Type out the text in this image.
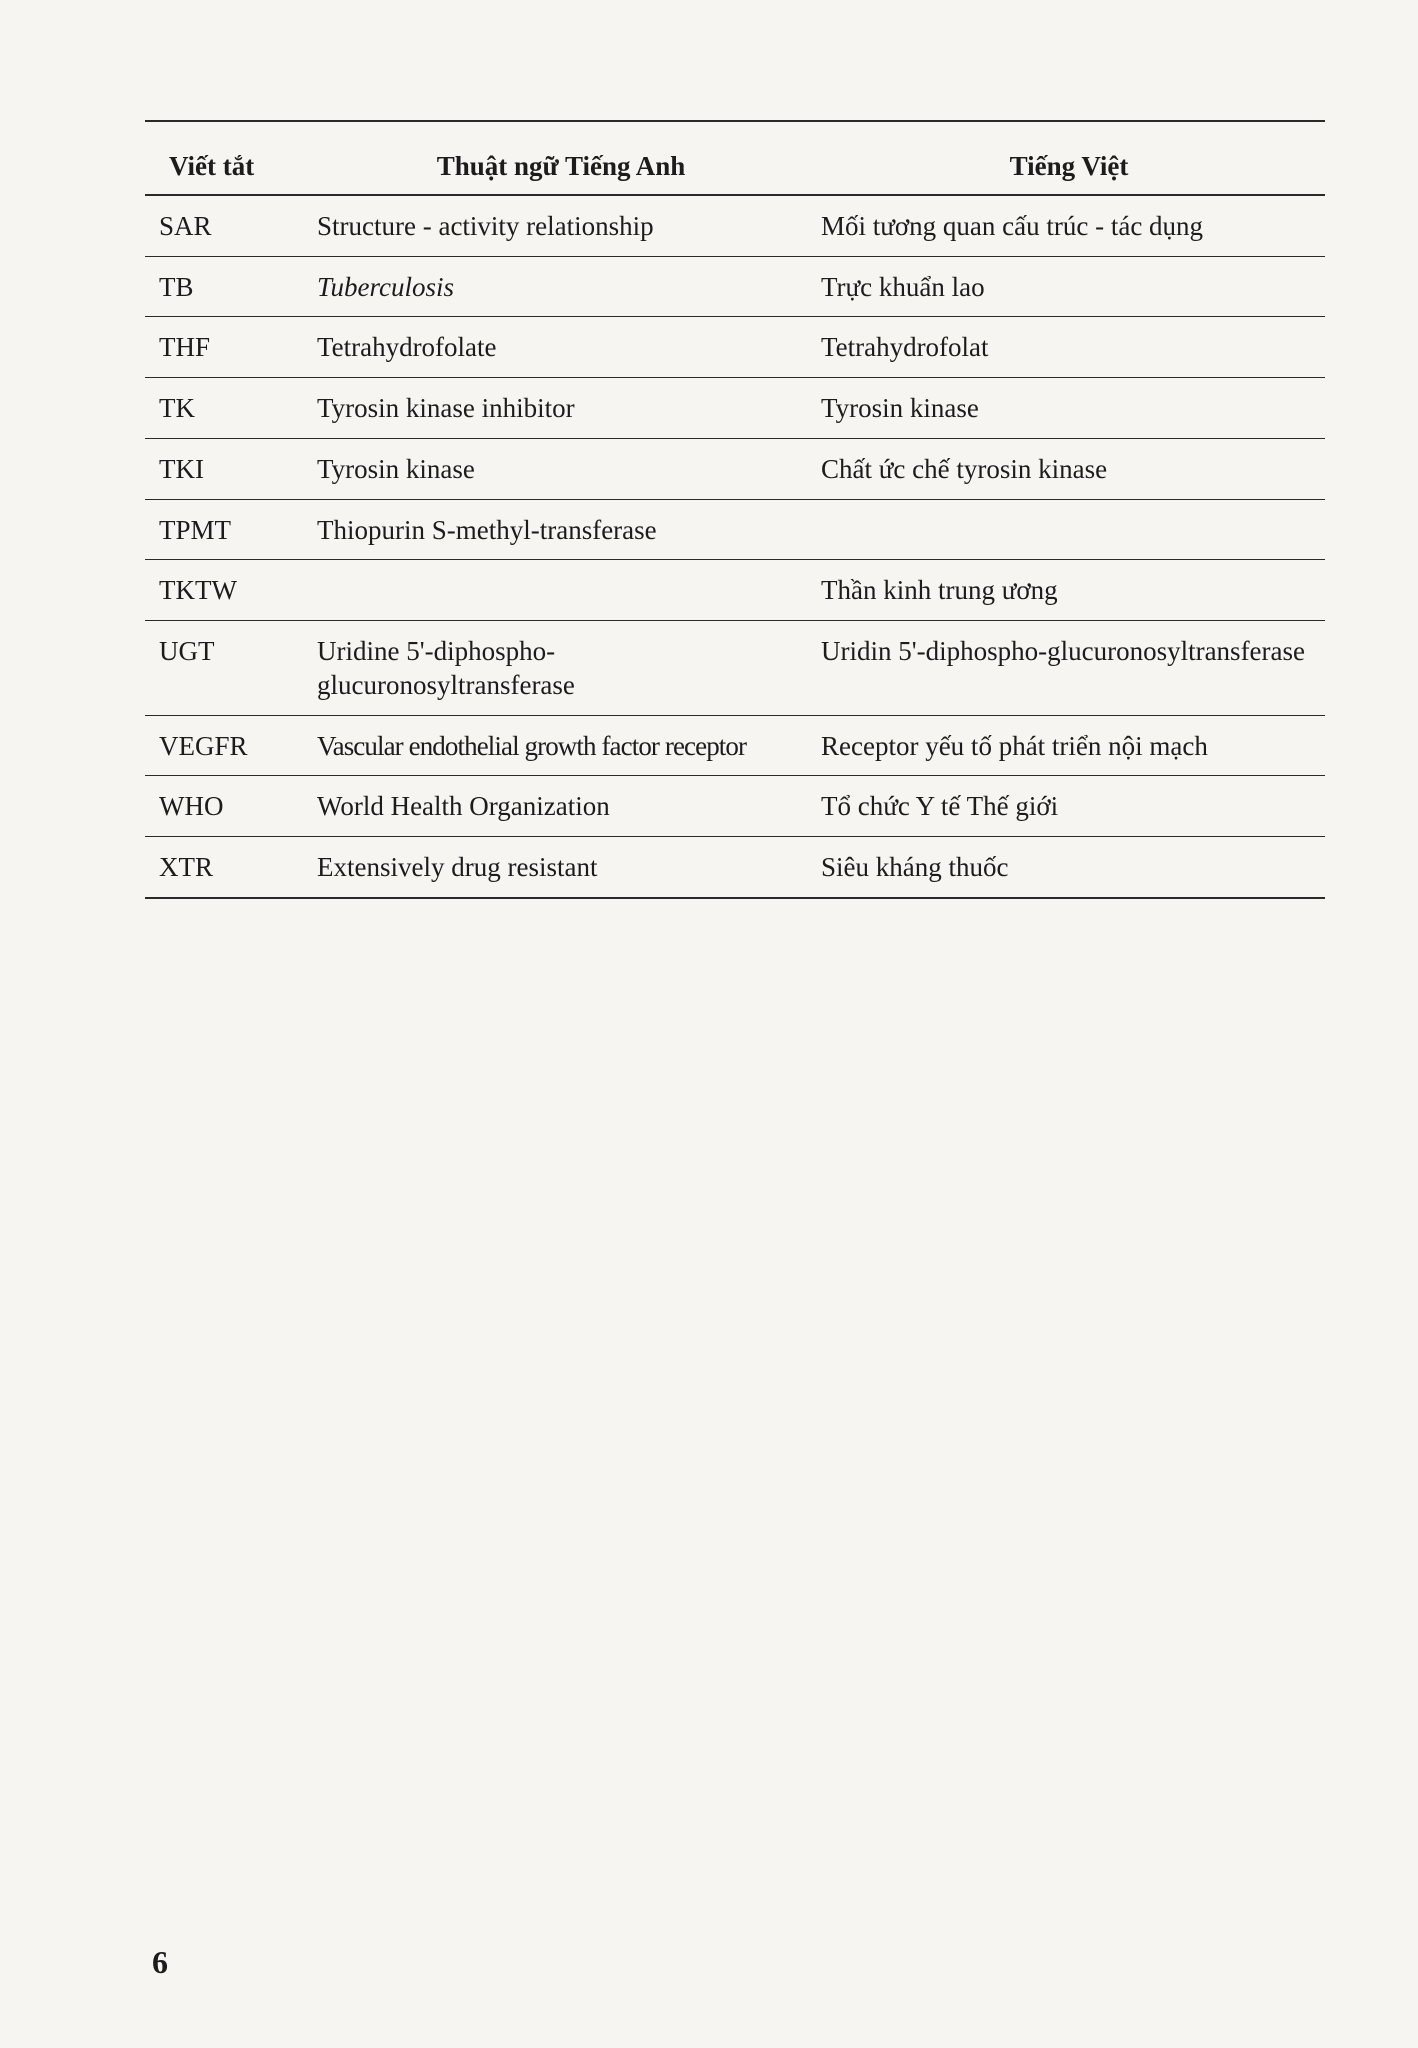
Viết tắt	Thuật ngữ Tiếng Anh	Tiếng Việt
SAR	Structure - activity relationship	Mối tương quan cấu trúc - tác dụng
TB	Tuberculosis	Trực khuẩn lao
THF	Tetrahydrofolate	Tetrahydrofolat
TK	Tyrosin kinase inhibitor	Tyrosin kinase
TKI	Tyrosin kinase	Chất ức chế tyrosin kinase
TPMT	Thiopurin S-methyl-transferase	
TKTW		Thần kinh trung ương
UGT	Uridine 5'-diphospho-glucuronosyltransferase	Uridin 5'-diphospho-glucuronosyltransferase
VEGFR	Vascular endothelial growth factor receptor	Receptor yếu tố phát triển nội mạch
WHO	World Health Organization	Tổ chức Y tế Thế giới
XTR	Extensively drug resistant	Siêu kháng thuốc
6
